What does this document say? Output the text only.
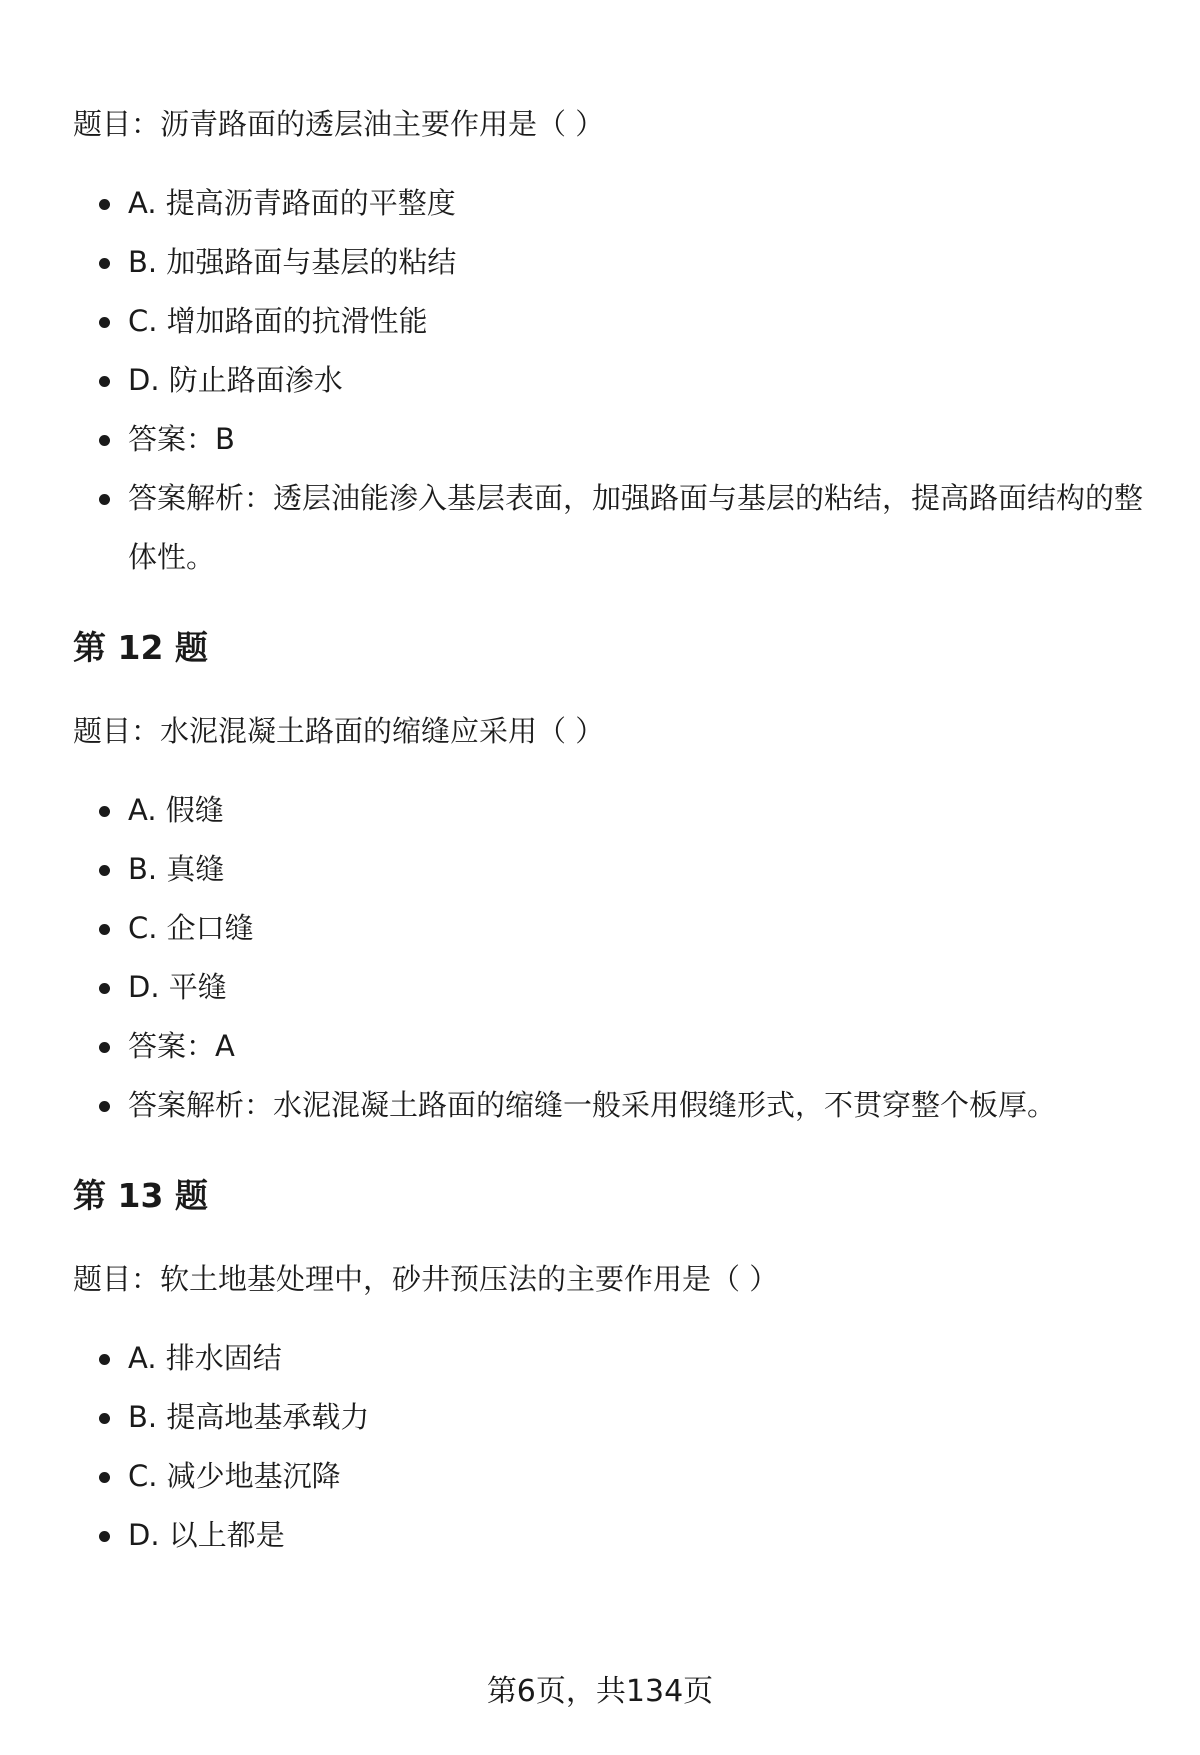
题目：沥青路面的透层油主要作用是（ ）

A. 提高沥青路面的平整度
B. 加强路面与基层的粘结
C. 增加路面的抗滑性能
D. 防止路面渗水
答案：B
答案解析：透层油能渗入基层表面，加强路面与基层的粘结，提高路面结构的整体性。
第 12 题

题目：水泥混凝土路面的缩缝应采用（ ）

A. 假缝
B. 真缝
C. 企口缝
D. 平缝
答案：A
答案解析：水泥混凝土路面的缩缝一般采用假缝形式，不贯穿整个板厚。
第 13 题

题目：软土地基处理中，砂井预压法的主要作用是（ ）

A. 排水固结
B. 提高地基承载力
C. 减少地基沉降
D. 以上都是
第6页，共134页
